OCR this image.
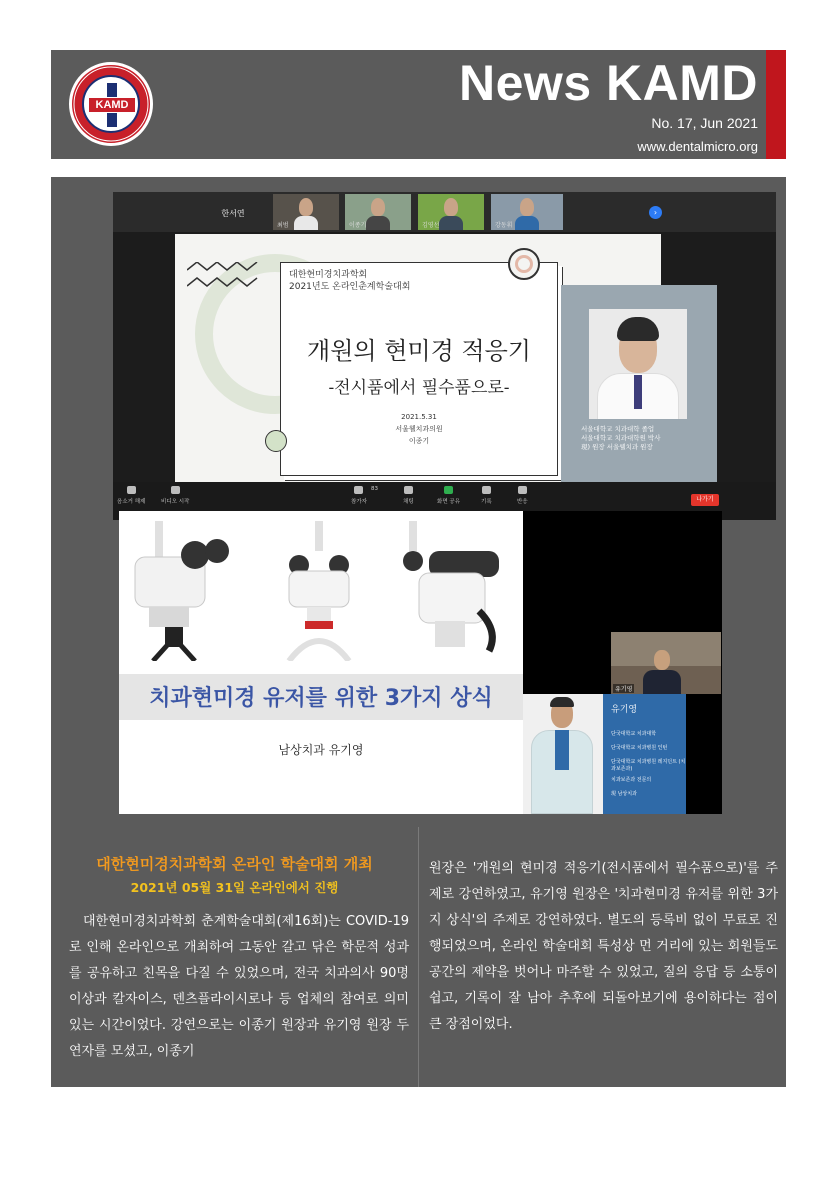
KAMD	News KAMD
No. 17, Jun 2021
www.dentalmicro.org
한서연
최범	이종기	김영선	강동휘
›
대한현미경치과학회
2021년도 온라인춘계학술대회
개원의 현미경 적응기
-전시품에서 필수품으로-
2021.5.31
서울웰치과의원
이종기
서울대학교 치과대학 졸업
서울대학교 치과대학원 박사
現) 원장 서울웰치과 원장
음소거 해제	비디오 시작	참가자
83
채팅	화면 공유	기록	반응	나가기
치과현미경 유저를 위한 3가지 상식
남상치과 유기영
유기영
유기영
단국대학교 치과대학
단국대학교 치과병원 인턴
단국대학교 치과병원 레지던트 (치과보존과)
치과보존과 전문의
現 남상치과
대한현미경치과학회 온라인 학술대회 개최
2021년 05월 31일 온라인에서 진행
대한현미경치과학회 춘계학술대회(제16회)는 COVID-19로 인해 온라인으로 개최하여 그동안 갈고 닦은 학문적 성과를 공유하고 친목을 다질 수 있었으며, 전국 치과의사 90명 이상과 칼자이스, 덴츠플라이시로나 등 업체의 참여로 의미 있는 시간이었다. 강연으로는 이종기 원장과 유기영 원장 두 연자를 모셨고, 이종기
원장은 '개원의 현미경 적응기(전시품에서 필수품으로)'를 주제로 강연하였고, 유기영 원장은 '치과현미경 유저를 위한 3가지 상식'의 주제로 강연하였다. 별도의 등록비 없이 무료로 진행되었으며, 온라인 학술대회 특성상 먼 거리에 있는 회원들도 공간의 제약을 벗어나 마주할 수 있었고, 질의 응답 등 소통이 쉽고, 기록이 잘 남아 추후에 되돌아보기에 용이하다는 점이 큰 장점이었다.
